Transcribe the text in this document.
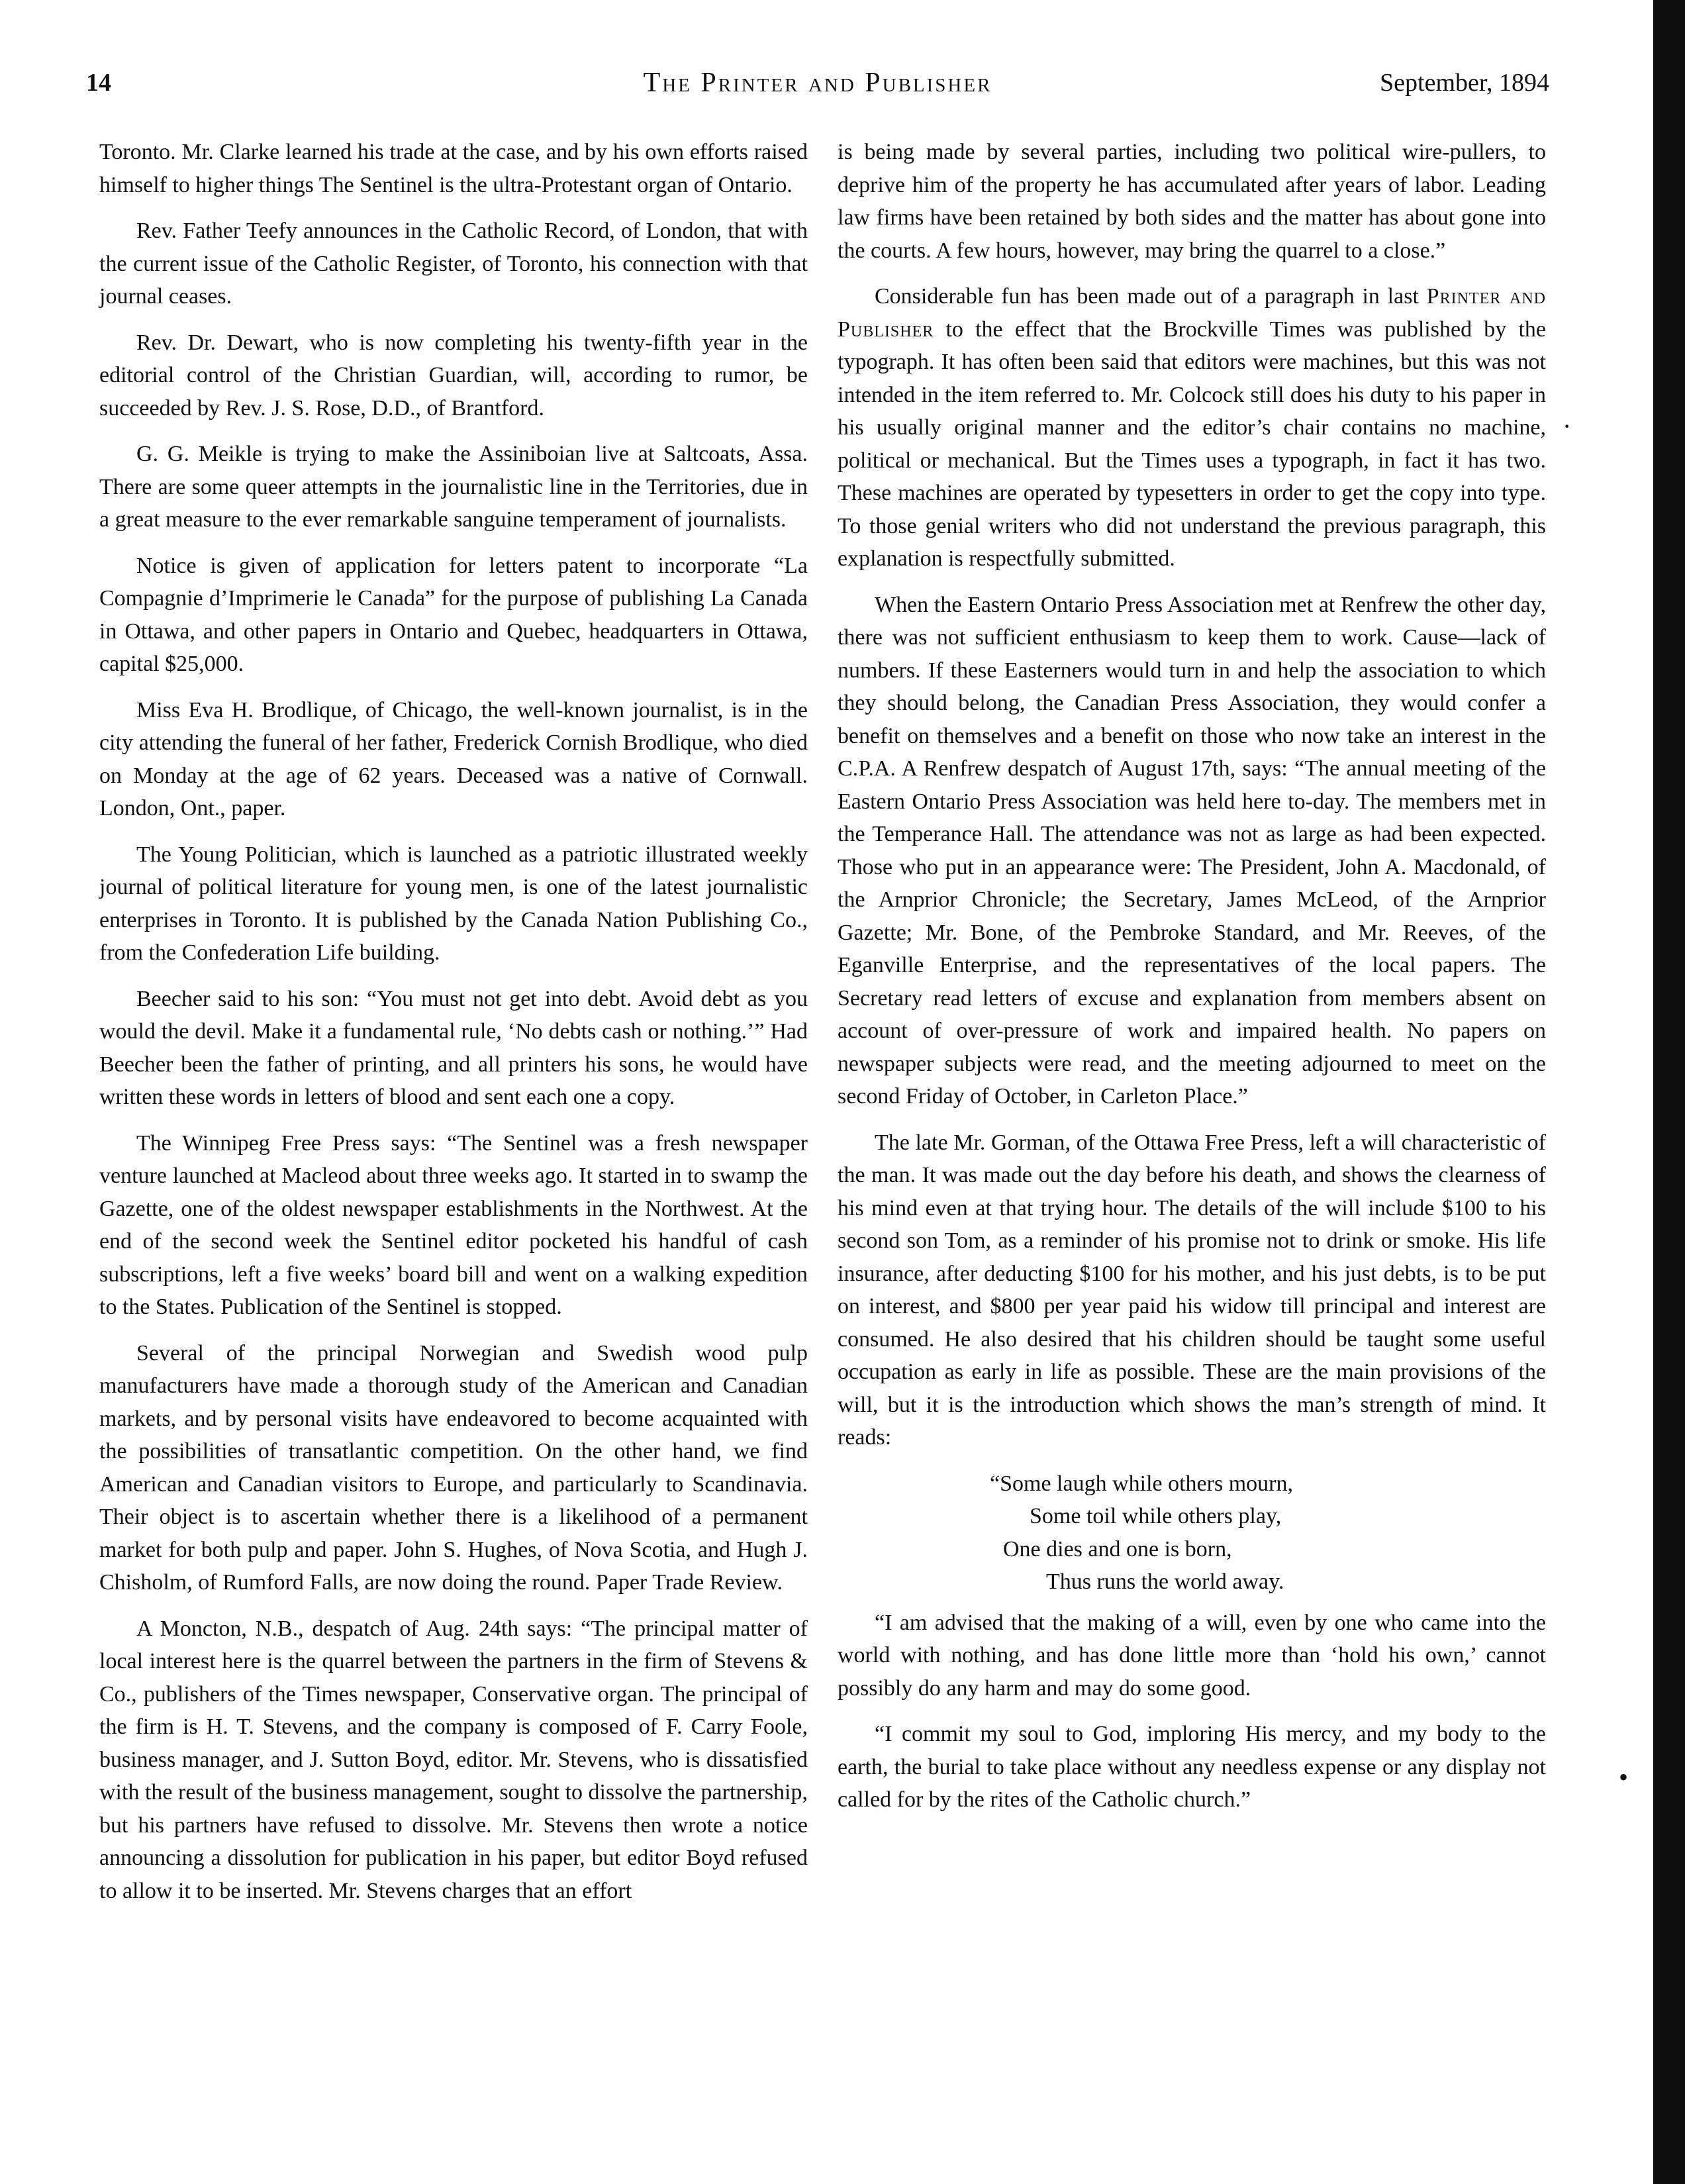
14	The Printer and Publisher	September, 1894

Toronto. Mr. Clarke learned his trade at the case, and by his own efforts raised himself to higher things The Sentinel is the ultra-Protestant organ of Ontario.

Rev. Father Teefy announces in the Catholic Record, of London, that with the current issue of the Catholic Register, of Toronto, his connection with that journal ceases.

Rev. Dr. Dewart, who is now completing his twenty-fifth year in the editorial control of the Christian Guardian, will, according to rumor, be succeeded by Rev. J. S. Rose, D.D., of Brantford.

G. G. Meikle is trying to make the Assiniboian live at Saltcoats, Assa. There are some queer attempts in the journalistic line in the Territories, due in a great measure to the ever remarkable sanguine temperament of journalists.

Notice is given of application for letters patent to incorporate “La Compagnie d’Imprimerie le Canada” for the purpose of publishing La Canada in Ottawa, and other papers in Ontario and Quebec, headquarters in Ottawa, capital $25,000.

Miss Eva H. Brodlique, of Chicago, the well-known journalist, is in the city attending the funeral of her father, Frederick Cornish Brodlique, who died on Monday at the age of 62 years. Deceased was a native of Cornwall. London, Ont., paper.

The Young Politician, which is launched as a patriotic illustrated weekly journal of political literature for young men, is one of the latest journalistic enterprises in Toronto. It is published by the Canada Nation Publishing Co., from the Confederation Life building.

Beecher said to his son: “You must not get into debt. Avoid debt as you would the devil. Make it a fundamental rule, ‘No debts cash or nothing.’” Had Beecher been the father of printing, and all printers his sons, he would have written these words in letters of blood and sent each one a copy.

The Winnipeg Free Press says: “The Sentinel was a fresh newspaper venture launched at Macleod about three weeks ago. It started in to swamp the Gazette, one of the oldest newspaper establishments in the Northwest. At the end of the second week the Sentinel editor pocketed his handful of cash subscriptions, left a five weeks’ board bill and went on a walking expedition to the States. Publication of the Sentinel is stopped.

Several of the principal Norwegian and Swedish wood pulp manufacturers have made a thorough study of the American and Canadian markets, and by personal visits have endeavored to become acquainted with the possibilities of transatlantic competition. On the other hand, we find American and Canadian visitors to Europe, and particularly to Scandinavia. Their object is to ascertain whether there is a likelihood of a permanent market for both pulp and paper. John S. Hughes, of Nova Scotia, and Hugh J. Chisholm, of Rumford Falls, are now doing the round. Paper Trade Review.

A Moncton, N.B., despatch of Aug. 24th says: “The principal matter of local interest here is the quarrel between the partners in the firm of Stevens & Co., publishers of the Times newspaper, Conservative organ. The principal of the firm is H. T. Stevens, and the company is composed of F. Carry Foole, business manager, and J. Sutton Boyd, editor. Mr. Stevens, who is dissatisfied with the result of the business management, sought to dissolve the partnership, but his partners have refused to dissolve. Mr. Stevens then wrote a notice announcing a dissolution for publication in his paper, but editor Boyd refused to allow it to be inserted. Mr. Stevens charges that an effort

is being made by several parties, including two political wire-pullers, to deprive him of the property he has accumulated after years of labor. Leading law firms have been retained by both sides and the matter has about gone into the courts. A few hours, however, may bring the quarrel to a close.”

Considerable fun has been made out of a paragraph in last Printer and Publisher to the effect that the Brockville Times was published by the typograph. It has often been said that editors were machines, but this was not intended in the item referred to. Mr. Colcock still does his duty to his paper in his usually original manner and the editor’s chair contains no machine, political or mechanical. But the Times uses a typograph, in fact it has two. These machines are operated by typesetters in order to get the copy into type. To those genial writers who did not understand the previous paragraph, this explanation is respectfully submitted.

When the Eastern Ontario Press Association met at Renfrew the other day, there was not sufficient enthusiasm to keep them to work. Cause—lack of numbers. If these Easterners would turn in and help the association to which they should belong, the Canadian Press Association, they would confer a benefit on themselves and a benefit on those who now take an interest in the C.P.A. A Renfrew despatch of August 17th, says: “The annual meeting of the Eastern Ontario Press Association was held here to-day. The members met in the Temperance Hall. The attendance was not as large as had been expected. Those who put in an appearance were: The President, John A. Macdonald, of the Arnprior Chronicle; the Secretary, James McLeod, of the Arnprior Gazette; Mr. Bone, of the Pembroke Standard, and Mr. Reeves, of the Eganville Enterprise, and the representatives of the local papers. The Secretary read letters of excuse and explanation from members absent on account of over-pressure of work and impaired health. No papers on newspaper subjects were read, and the meeting adjourned to meet on the second Friday of October, in Carleton Place.”

The late Mr. Gorman, of the Ottawa Free Press, left a will characteristic of the man. It was made out the day before his death, and shows the clearness of his mind even at that trying hour. The details of the will include $100 to his second son Tom, as a reminder of his promise not to drink or smoke. His life insurance, after deducting $100 for his mother, and his just debts, is to be put on interest, and $800 per year paid his widow till principal and interest are consumed. He also desired that his children should be taught some useful occupation as early in life as possible. These are the main provisions of the will, but it is the introduction which shows the man’s strength of mind. It reads:

“Some laugh while others mourn,
Some toil while others play,
One dies and one is born,
Thus runs the world away.

“I am advised that the making of a will, even by one who came into the world with nothing, and has done little more than ‘hold his own,’ cannot possibly do any harm and may do some good.

“I commit my soul to God, imploring His mercy, and my body to the earth, the burial to take place without any needless expense or any display not called for by the rites of the Catholic church.”

·
•
